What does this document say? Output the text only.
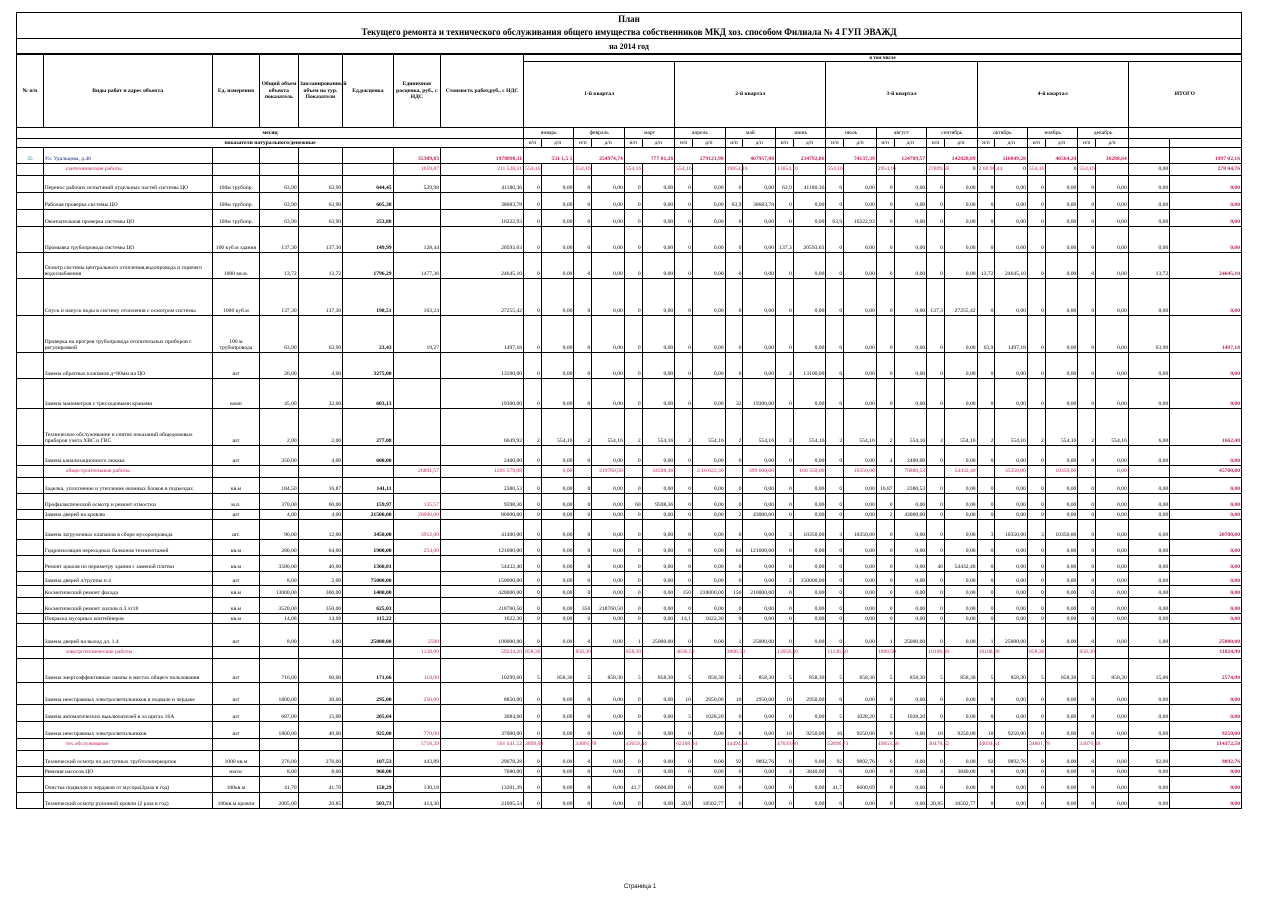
План
Текущего ремонта и технического обслуживания общего имущества собственников МКД хоз. способом Филиала № 4 ГУП ЭВАЖД
на 2014 год
№ п/п	Виды работ и адрес объекта	Ед. измерения	Общий объем объекта показатель	Запланированный объем на тур. Показатели	Ед.расценка	Единичная расценка, руб., с НДС	Стоимость работ,руб., с НДС	в том числе																									
								1-й квартал						2-й квартал						3-й квартал						4-й квартал						ИТОГО	
месяц								январь		февраль		март		апрель		май		июнь		июль		август		сентябрь		октябрь		ноябрь		декабрь			
показатели натурального/денежные								н/п	д/п	н/п	д/п	н/п	д/п	н/п	д/п	н/п	д/п	н/п	д/п	н/п	д/п	н/п	д/п	н/п	д/п	н/п	д/п	н/п	д/п	н/п	д/п		
35	Ул. Удальцова, д.46					35309,83	1978898,11	531 1,5 5		254974,74		777 01,26		279121,90		467957,00		234792,06		74137,39		124789,57		142828,89		116849,28		46564,24		36288,64			1997 02,16
	сантехнические работы					1659,87	211 528,31	554,16		554,16		554,16		554,16		19854,16		13654,16		554,16		2954,16		27809,58	0	2 66 96,44	0	554,16	0	554,16		0,00	278 04,76
	Перенос рабочих испытаний отдельных частей системы ЦО	100м трубопр.	63,90	63,90	644,45	529,98	41180,36	0	0,00	0	0,00	0	0,00	0	0,00	0	0,00	63,9	41180,36	0	0,00	0	0,00	0	0,00	0	0,00	0	0,00	0	0,00	0,00	0,00
	Рабочая проверка системы ЦО	100м трубопр.	63,90	63,90	605,38		38683,78	0	0,00	0	0,00	0	0,00	0	0,00	63,9	38683,78	0	0,00	0	0,00	0	0,00	0	0,00	0	0,00	0	0,00	0	0,00	0,00	0,00
	Окончательная проверка системы ЦО	100м трубопр.	63,90	63,90	253,88		16222,93	0	0,00	0	0,00	0	0,00	0	0,00	0	0,00	0	0,00	63,9	16222,93	0	0,00	0	0,00	0	0,00	0	0,00	0	0,00	0,00	0,00
	Промывка трубопровода системы ЦО	100 куб.м здания	137,30	137,30	149,99	128,44	20593,63	0	0,00	0	0,00	0	0,00	0	0,00	0	0,00	137,3	20593,63	0	0,00	0	0,00	0	0,00	0	0,00	0	0,00	0	0,00	0,00	0,00
	Осмотр системы центрального отопления,водопровода и горячего водоснабжения	1000 кв.м.	13,72	13,72	1796,29	1477,36	24645,10	0	0,00	0	0,00	0	0,00	0	0,00	0	0,00	0	0,00	0	0,00	0	0,00	0	0,00	13,72	24645,10	0	0,00	0	0,00	13,72	24645,10
	Спуск и напуск воды в систему отопления с осмотром системы	1000 куб.м	137,30	137,30	198,51	163,24	27255,42	0	0,00	0	0,00	0	0,00	0	0,00	0	0,00	0	0,00	0	0,00	0	0,00	137,3	27255,42	0	0,00	0	0,00	0	0,00	0,00	0,00
	Проверка на прогрев трубопровода отопительных приборов с регулировкой	100 м трубопровода	63,90	63,90	23,43	19,27	1497,18	0	0,00	0	0,00	0	0,00	0	0,00	0	0,00	0	0,00	0	0,00	0	0,00	0	0,00	63,9	1497,18	0	0,00	0	0,00	63,90	1497,18
	Замена обратных клапанов д=80мм на ЦО	шт	26,00	4,00	3275,00		13100,00	0	0,00	0	0,00	0	0,00	0	0,00	0	0,00	4	13100,00	0	0,00	0	0,00	0	0,00	0	0,00	0	0,00	0	0,00	0,00	0,00
	Замена манометров с трехходовыми кранами	комп	45,00	32,00	603,13		19300,00	0	0,00	0	0,00	0	0,00	0	0,00	32	19300,00	0	0,00	0	0,00	0	0,00	0	0,00	0	0,00	0	0,00	0	0,00	0,00	0,00
	Техническое обслуживание и снятие показаний общедомовых приборов учета ХВС и ГВС	шт	2,00	2,00	277,08		6649,92	2	554,16	2	554,16	2	554,16	2	554,16	2	554,16	2	554,16	2	554,16	2	554,16	2	554,16	2	554,16	2	554,16	2	554,16	6,00	1662,48
	Замена канализационного лежака	шт	350,00	4,00	600,00		2400,00	0	0,00	0	0,00	0	0,00	0	0,00	0	0,00	0	0,00	0	0,00	4	2400,00	0	0,00	0	0,00	0	0,00	0	0,00	0,00	0,00
	общестроительные работы					26891,57	1201 579,08		0,00		219760,50		34598,36		2 16 622,30		399 600,00		160 350,00		10350,00		70880,53		54432,40		35350,00		10350,00		0,00		45700,00
	Заделка, уплотнение и утепление оконных блоков в подъездах	кв.м	184,50	16,87	141,11		2380,53	0	0,00	0	0,00	0	0,00	0	0,00	0	0,00	0	0,00	0	0,00	16,87	2380,53	0	0,00	0	0,00	0	0,00	0	0,00	0,00	0,00
	Профилактический осмотр и ремонт отмостки	м.п.	370,00	60,00	159,97	135,57	9598,36	0	0,00	0	0,00	60	9598,36	0	0,00	0	0,00	0	0,00	0	0,00	0	0,00	0	0,00	0	0,00	0	0,00	0	0,00	0,00	0,00
	Замена дверей на кровлю	шт	4,00	4,00	21500,00	20000,00	86000,00	0	0,00	0	0,00	0	0,00	0	0,00	2	43000,00	0	0,00	0	0,00	2	43000,00	0	0,00	0	0,00	0	0,00	0	0,00	0,00	0,00
	Замена загрузочных клапанов в сборе мусоропровода	шт.	96,00	12,00	3450,00	3912,00	41400,00	0	0,00	0	0,00	0	0,00	0	0,00	0	0,00	3	10350,00	3	10350,00	0	0,00	0	0,00	3	10350,00	3	10350,00	0	0,00	6,00	20700,00
	Гидроизоляция переходных балконов техничэтажей	кв.м	280,00	64,00	1900,00	254,00	121600,00	0	0,00	0	0,00	0	0,00	0	0,00	64	121600,00	0	0,00	0	0,00	0	0,00	0	0,00	0	0,00	0	0,00	0	0,00	0,00	0,00
	Ремонт цоколя по периметру здания с заменой плитки	кв.м	3580,00	40,00	1360,81		54432,40	0	0,00	0	0,00	0	0,00	0	0,00	0	0,00	0	0,00	0	0,00	0	0,00	40	54432,40	0	0,00	0	0,00	0	0,00	0,00	0,00
	Замена дверей л/группы п.4	шт	8,00	2,00	75000,00		150000,00	0	0,00	0	0,00	0	0,00	0	0,00	0	0,00	2	150000,00	0	0,00	0	0,00	0	0,00	0	0,00	0	0,00	0	0,00	0,00	0,00
	Косметический ремонт фасада	кв.м	13000,00	300,00	1400,00		420000,00	0	0,00	0	0,00	0	0,00	150	210000,00	150	210000,00	0	0,00	0	0,00	0	0,00	0	0,00	0	0,00	0	0,00	0	0,00	0,00	0,00
	Косметический ремонт холлов п.3 эт18	кв.м	3520,00	350,00	625,03		218760,50	0	0,00	350	218760,50	0	0,00	0	0,00	0	0,00	0	0,00	0	0,00	0	0,00	0	0,00	0	0,00	0	0,00	0	0,00	0,00	0,00
	Покраска мусорных контейнеров	кв.м	14,08	14,08	115,22		1622,30	0	0,00	0	0,00	0	0,00	14,1	1622,30	0	0,00	0	0,00	0	0,00	0	0,00	0	0,00	0	0,00	0	0,00	0	0,00	0,00	0,00
	Замена дверей на выход дл. 1.4	шт	8,00	4,00	25000,00	2500	100000,00	0	0,00	0	0,00	1	25000,00	0	0,00	1	25000,00	0	0,00	0	0,00	1	25000,00	0	0,00	1	25000,00	0	0,00	0	0,00	1,00	25000,00
	электротехнические работы					1138,00	59234,20	858,30		858,30		858,30		4836,50		3808,30		13058,30		11136,50		1886,50		10108,30		10108,30		858,30		858,30			11824,90
	Замена энергоэффективные лампы в местах общего пользования	шт	716,00	60,00	171,66	118,00	10299,60	5	858,30	5	858,30	5	858,30	5	858,30	5	858,30	5	858,30	5	858,30	5	858,30	5	858,30	5	858,30	5	858,30	5	858,30	15,00	2574,90
	Замена неисправных электросветильников в подвале и чердаке	шт	1800,00	30,00	295,00	250,00	8850,00	0	0,00	0	0,00	0	0,00	10	2950,00	10	2950,00	10	2950,00	0	0,00	0	0,00	0	0,00	0	0,00	0	0,00	0	0,00	0,00	0,00
	Замена автоматических выключателей в эл щитах 16А	шт	687,00	15,00	205,64		3084,60	0	0,00	0	0,00	0	0,00	5	1028,20	0	0,00	0	0,00	5	1028,20	5	1028,20	0	0,00	0	0,00	0	0,00	0	0,00	0,00	0,00
	Замена неисправных электросветильников	шт	1800,00	40,00	925,00	770,00	37000,00	0	0,00	0	0,00	0	0,00	0	0,00	0	0,00	10	9250,00	10	9250,00	0	0,00	10	9250,00	10	9250,00	0	0,00	0	0,00	0,00	9250,00
	тех.обслуживание					5718,39	501 341,52	3899,09		34801,78		43659,44		62108,94		44494,54		47639,60		52896,73		49853,38		30478,52		44694,54		34801,78		34876,18			114372,50
	Технический осмотр по доступных трубтолоперкорпок	1000 кв.м	276,00	276,00	107,53	443,89	29678,28	0	0,00	0	0,00	0	0,00	0	0,00	92	9892,76	0	0,00	92	9892,76	0	0,00	0	0,00	92	9892,76	0	0,00	0	0,00	92,00	9892,76
	Ревизия насосов ЦО	насос	8,00	8,00	960,00		7680,00	0	0,00	0	0,00	0	0,00	0	0,00	0	0,00	4	3840,00	0	0,00	0	0,00	4	3840,00	0	0,00	0	0,00	0	0,00	0,00	0,00
	Очистка подвалов и чердаков от мусора(2раза в год)	100кв.м	41,70	41,70	158,29	130,18	13201,39	0	0,00	0	0,00	41,7	6600,69	0	0,00	0	0,00	0	0,00	41,7	6600,69	0	0,00	0	0,00	0	0,00	0	0,00	0	0,00	0,00	0,00
	Технический осмотр рулонной кровли (2 раза в год)	100кв.м кровли	2085,00	20,85	503,73	414,30	21005,54	0	0,00	0	0,00	0	0,00	20,9	10502,77	0	0,00	0	0,00	0	0,00	0	0,00	20,85	10502,77	0	0,00	0	0,00	0	0,00	0,00	0,00
Страница 1
